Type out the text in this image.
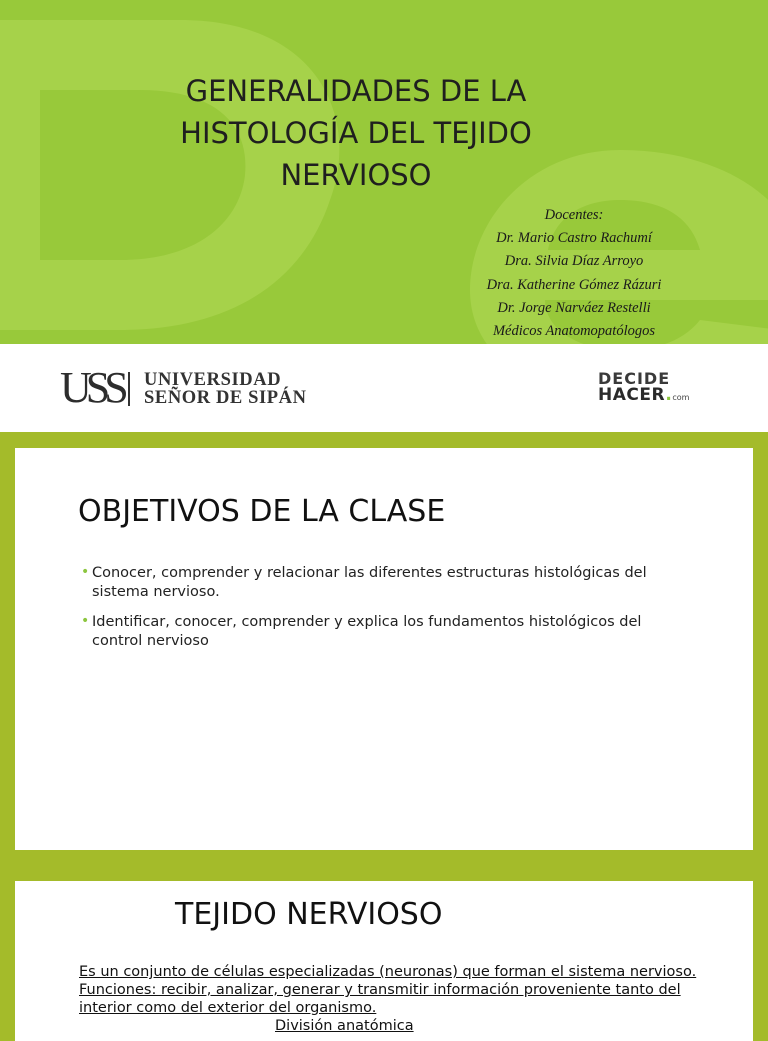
GENERALIDADES DE LA
HISTOLOGÍA DEL TEJIDO
NERVIOSO
Docentes:
Dr. Mario Castro Rachumí
Dra. Silvia Díaz Arroyo
Dra. Katherine Gómez Rázuri
Dr. Jorge Narváez Restelli
Médicos Anatomopatólogos
USS UNIVERSIDAD
SEÑOR DE SIPÁN
DECIDE
HACER.com
OBJETIVOS DE LA CLASE
• Conocer, comprender y relacionar las diferentes estructuras histológicas del
sistema nervioso.
• Identificar, conocer, comprender y explica los fundamentos histológicos del
control nervioso
TEJIDO NERVIOSO
Es un conjunto de células especializadas (neuronas) que forman el sistema nervioso.
Funciones: recibir, analizar, generar y transmitir información proveniente tanto del
interior como del exterior del organismo.
División anatómica
